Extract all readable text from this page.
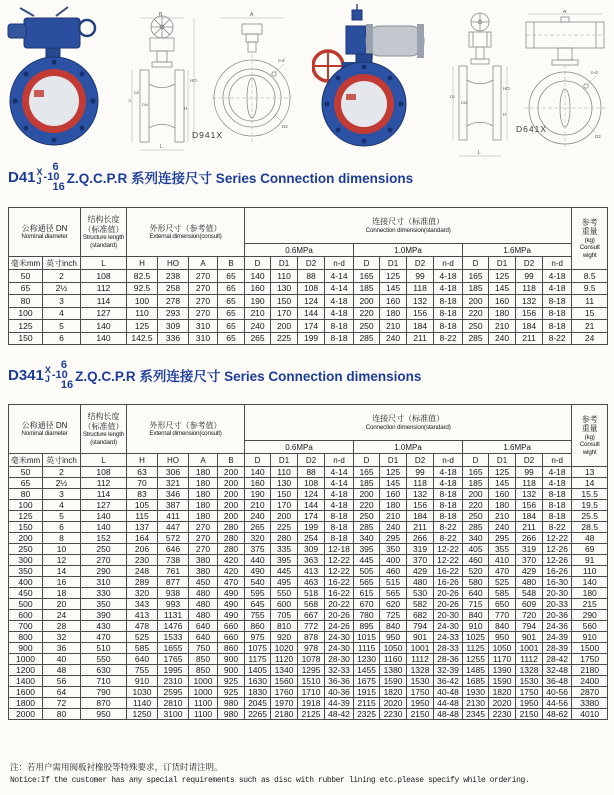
B
HO
H
L
D
D2
DN
A
n-d
D2
D941X
L
HO
H
D2
DN
A
n-d
D2
D641X
D41 X
J
6
-10
16
Z.Q.C.P.R 系列连接尺寸 Series Connection dimensions
公称通径 DN
Nominal diameter

结构长度（标准值）
Structure length
(standard)

外形尺寸（参考值）
External dimension(consult)

连接尺寸（标准值）
Connection dimension(standard)

参考
重量
(kg)
Consult
wight

							0.6MPa				1.0MPa				1.6MPa				
毫米mm	英寸inch	L	H	HO	A	B	D	D1	D2	n-d	D	D1	D2	n-d	D	D1	D2	n-d	
50	2	108	82.5	238	270	65	140	110	88	4-14	165	125	99	4-18	165	125	99	4-18	8.5
65	2½	112	92.5	258	270	65	160	130	108	4-14	185	145	118	4-18	185	145	118	4-18	9.5
80	3	114	100	278	270	65	190	150	124	4-18	200	160	132	8-18	200	160	132	8-18	11
100	4	127	110	293	270	65	210	170	144	4-18	220	180	156	8-18	220	180	156	8-18	15
125	5	140	125	309	310	65	240	200	174	8-18	250	210	184	8-18	250	210	184	8-18	21
150	6	140	142.5	336	310	65	265	225	199	8-18	285	240	211	8-22	285	240	211	8-22	24
D341 X
J
6
-10
16
Z.Q.C.P.R 系列连接尺寸 Series Connection dimensions
公称通径 DN
Nominal diameter

结构长度（标准值）
Structure length
(standard)

外形尺寸（参考值）
External dimension(consult)

连接尺寸（标准值）
Connection dimension(standard)

参考
重量
(kg)
Consult
wight

							0.6MPa				1.0MPa				1.6MPa				
毫米mm	英寸inch	L	H	HO	A	B	D	D1	D2	n-d	D	D1	D2	n-d	D	D1	D2	n-d	
50	2	108	63	306	180	200	140	110	88	4-14	165	125	99	4-18	165	125	99	4-18	13
65	2½	112	70	321	180	200	160	130	108	4-14	185	145	118	4-18	185	145	118	4-18	14
80	3	114	83	346	180	200	190	150	124	4-18	200	160	132	8-18	200	160	132	8-18	15.5
100	4	127	105	387	180	200	210	170	144	4-18	220	180	156	8-18	220	180	156	8-18	19.5
125	5	140	115	411	180	200	240	200	174	8-18	250	210	184	8-18	250	210	184	8-18	25.5
150	6	140	137	447	270	280	265	225	199	8-18	285	240	211	8-22	285	240	211	8-22	28.5
200	8	152	164	572	270	280	320	280	254	8-18	340	295	266	8-22	340	295	266	12-22	48
250	10	250	206	646	270	280	375	335	309	12-18	395	350	319	12-22	405	355	319	12-26	69
300	12	270	230	738	380	420	440	395	363	12-22	445	400	370	12-22	460	410	370	12-26	91
350	14	290	248	761	380	420	490	445	413	12-22	505	460	429	16-22	520	470	429	16-26	110
400	16	310	289	877	450	470	540	495	463	16-22	565	515	480	16-26	580	525	480	16-30	140
450	18	330	320	938	480	490	595	550	518	16-22	615	565	530	20-26	640	585	548	20-30	180
500	20	350	343	993	480	490	645	600	568	20-22	670	620	582	20-26	715	650	609	20-33	215
600	24	390	413	1131	480	490	755	705	667	20-26	780	725	682	20-30	840	770	720	20-36	290
700	28	430	478	1476	640	660	860	810	772	24-26	895	840	794	24-30	910	840	794	24-36	560
800	32	470	525	1533	640	660	975	920	878	24-30	1015	950	901	24-33	1025	950	901	24-39	910
900	36	510	585	1655	750	860	1075	1020	978	24-30	1115	1050	1001	28-33	1125	1050	1001	28-39	1500
1000	40	550	640	1765	850	900	1175	1120	1078	28-30	1230	1160	1112	28-36	1255	1170	1112	28-42	1750
1200	48	630	755	1995	850	900	1405	1340	1295	32-33	1455	1380	1328	32-39	1485	1390	1328	32-48	2180
1400	56	710	910	2310	1000	925	1630	1560	1510	36-36	1675	1590	1530	36-42	1685	1590	1530	36-48	2400
1600	64	790	1030	2595	1000	925	1830	1760	1710	40-36	1915	1820	1750	40-48	1930	1820	1750	40-56	2870
1800	72	870	1140	2810	1100	980	2045	1970	1918	44-39	2115	2020	1950	44-48	2130	2020	1950	44-56	3380
2000	80	950	1250	3100	1100	980	2265	2180	2125	48-42	2325	2230	2150	48-48	2345	2230	2150	48-62	4010
注：若用户需用阀板衬橡胶等特殊要求，订货时请注明。
Notice:If the customer has any special requirements such as disc with rubber lining etc.please specify while ordering.
